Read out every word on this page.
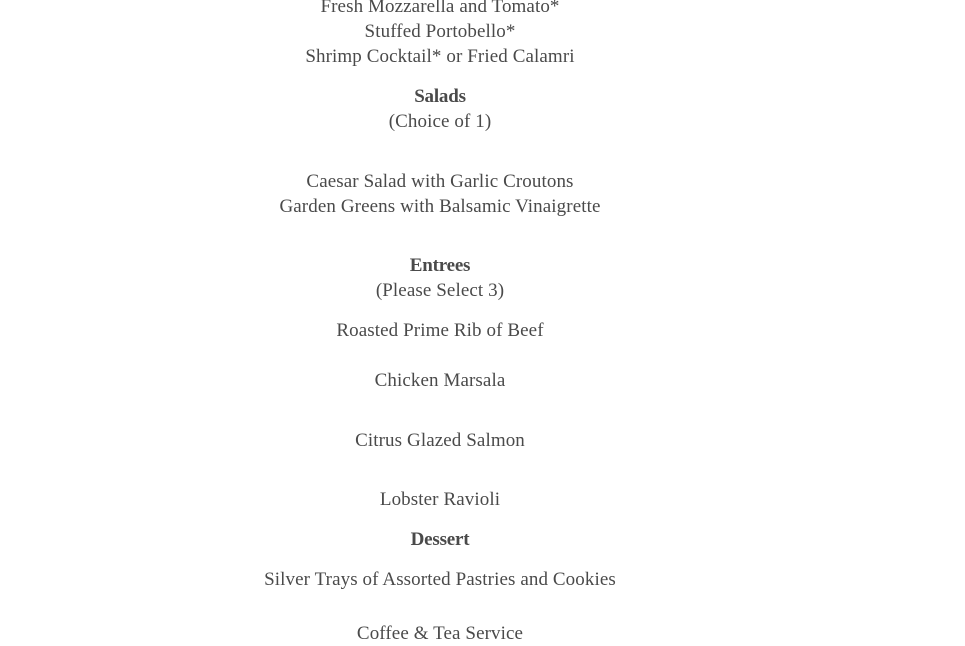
Fresh Mozzarella and Tomato*
Stuffed Portobello*
Shrimp Cocktail* or Fried Calamri
Salads
(Choice of 1)
Caesar Salad with Garlic Croutons
Garden Greens with Balsamic Vinaigrette
Entrees
(Please Select 3)
Roasted Prime Rib of Beef
Chicken Marsala
Citrus Glazed Salmon
Lobster Ravioli
Dessert
Silver Trays of Assorted Pastries and Cookies
Coffee & Tea Service
